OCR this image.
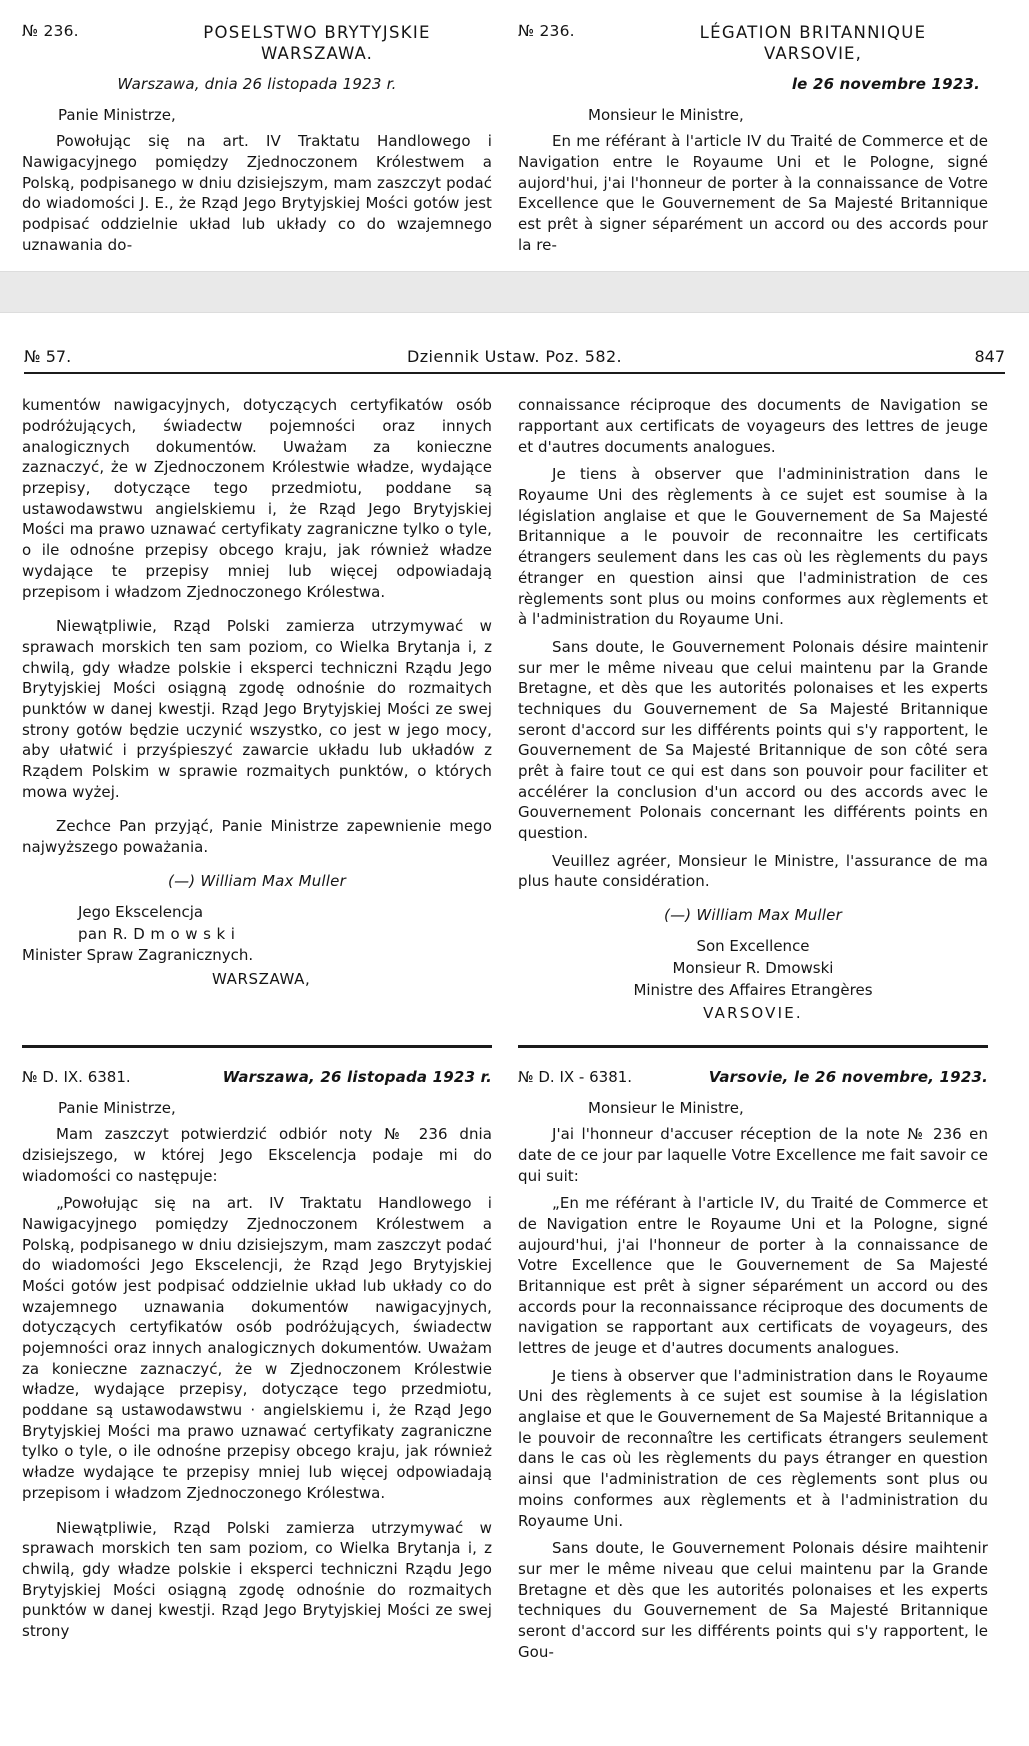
№ 236.	POSELSTWO BRYTYJSKIE
WARSZAWA.
Warszawa, dnia 26 listopada 1923 r.
Panie Ministrze,

Powołując się na art. IV Traktatu Handlowego i Nawigacyjnego pomiędzy Zjednoczonem Królestwem a Polską, podpisanego w dniu dzisiejszym, mam zaszczyt podać do wiadomości J. E., że Rząd Jego Brytyjskiej Mości gotów jest podpisać oddzielnie układ lub układy co do wzajemnego uznawania do-

№ 236.	LÉGATION BRITANNIQUE
VARSOVIE,
le 26 novembre 1923.
Monsieur le Ministre,

En me référant à l'article IV du Traité de Commerce et de Navigation entre le Royaume Uni et le Pologne, signé aujord'hui, j'ai l'honneur de porter à la connaissance de Votre Excellence que le Gouvernement de Sa Majesté Britannique est prêt à signer séparément un accord ou des accords pour la re-

№ 57.	Dziennik Ustaw. Poz. 582.	847

kumentów nawigacyjnych, dotyczących certyfikatów osób podróżujących, świadectw pojemności oraz innych analogicznych dokumentów. Uważam za konieczne zaznaczyć, że w Zjednoczonem Królestwie władze, wydające przepisy, dotyczące tego przedmiotu, poddane są ustawodawstwu angielskiemu i, że Rząd Jego Brytyjskiej Mości ma prawo uznawać certyfikaty zagraniczne tylko o tyle, o ile odnośne przepisy obcego kraju, jak również władze wydające te przepisy mniej lub więcej odpowiadają przepisom i władzom Zjednoczonego Królestwa.

Niewątpliwie, Rząd Polski zamierza utrzymywać w sprawach morskich ten sam poziom, co Wielka Brytanja i, z chwilą, gdy władze polskie i eksperci techniczni Rządu Jego Brytyjskiej Mości osiągną zgodę odnośnie do rozmaitych punktów w danej kwestji. Rząd Jego Brytyjskiej Mości ze swej strony gotów będzie uczynić wszystko, co jest w jego mocy, aby ułatwić i przyśpieszyć zawarcie układu lub układów z Rządem Polskim w sprawie rozmaitych punktów, o których mowa wyżej.

Zechce Pan przyjąć, Panie Ministrze zapewnienie mego najwyższego poważania.

(—) William Max Muller
Jego Ekscelencja
pan R. D m o w s k i
Minister Spraw Zagranicznych.
WARSZAWA,

connaissance réciproque des documents de Navigation se rapportant aux certificats de voyageurs des lettres de jeuge et d'autres documents analogues.

Je tiens à observer que l'admininistration dans le Royaume Uni des règlements à ce sujet est soumise à la législation anglaise et que le Gouvernement de Sa Majesté Britannique a le pouvoir de reconnaitre les certificats étrangers seulement dans les cas où les règlements du pays étranger en question ainsi que l'administration de ces règlements sont plus ou moins conformes aux règlements et à l'administration du Royaume Uni.

Sans doute, le Gouvernement Polonais désire maintenir sur mer le même niveau que celui maintenu par la Grande Bretagne, et dès que les autorités polonaises et les experts techniques du Gouvernement de Sa Majesté Britannique seront d'accord sur les différents points qui s'y rapportent, le Gouvernement de Sa Majesté Britannique de son côté sera prêt à faire tout ce qui est dans son pouvoir pour faciliter et accélérer la conclusion d'un accord ou des accords avec le Gouvernement Polonais concernant les différents points en question.

Veuillez agréer, Monsieur le Ministre, l'assurance de ma plus haute considération.

(—) William Max Muller
Son Excellence
Monsieur R. Dmowski
Ministre des Affaires Etrangères
VARSOVIE.
№ D. IX. 6381.	Warszawa, 26 listopada 1923 r.
Panie Ministrze,

Mam zaszczyt potwierdzić odbiór noty № 236 dnia dzisiejszego, w której Jego Ekscelencja podaje mi do wiadomości co następuje:

„Powołując się na art. IV Traktatu Handlowego i Nawigacyjnego pomiędzy Zjednoczonem Królestwem a Polską, podpisanego w dniu dzisiejszym, mam zaszczyt podać do wiadomości Jego Ekscelencji, że Rząd Jego Brytyjskiej Mości gotów jest podpisać oddzielnie układ lub układy co do wzajemnego uznawania dokumentów nawigacyjnych, dotyczących certyfikatów osób podróżujących, świadectw pojemności oraz innych analogicznych dokumentów. Uważam za konieczne zaznaczyć, że w Zjednoczonem Królestwie władze, wydające przepisy, dotyczące tego przedmiotu, poddane są ustawodawstwu · angielskiemu i, że Rząd Jego Brytyjskiej Mości ma prawo uznawać certyfikaty zagraniczne tylko o tyle, o ile odnośne przepisy obcego kraju, jak również władze wydające te przepisy mniej lub więcej odpowiadają przepisom i władzom Zjednoczonego Królestwa.

Niewątpliwie, Rząd Polski zamierza utrzymywać w sprawach morskich ten sam poziom, co Wielka Brytanja i, z chwilą, gdy władze polskie i eksperci techniczni Rządu Jego Brytyjskiej Mości osiągną zgodę odnośnie do rozmaitych punktów w danej kwestji. Rząd Jego Brytyjskiej Mości ze swej strony

№ D. IX - 6381.	Varsovie, le 26 novembre, 1923.
Monsieur le Ministre,

J'ai l'honneur d'accuser réception de la note № 236 en date de ce jour par laquelle Votre Excellence me fait savoir ce qui suit:

„En me référant à l'article IV, du Traité de Commerce et de Navigation entre le Royaume Uni et la Pologne, signé aujourd'hui, j'ai l'honneur de porter à la connaissance de Votre Excellence que le Gouvernement de Sa Majesté Britannique est prêt à signer séparément un accord ou des accords pour la reconnaissance réciproque des documents de navigation se rapportant aux certificats de voyageurs, des lettres de jeuge et d'autres documents analogues.

Je tiens à observer que l'administration dans le Royaume Uni des règlements à ce sujet est soumise à la législation anglaise et que le Gouvernement de Sa Majesté Britannique a le pouvoir de reconnaître les certificats étrangers seulement dans le cas où les règlements du pays étranger en question ainsi que l'administration de ces règlements sont plus ou moins conformes aux règlements et à l'administration du Royaume Uni.

Sans doute, le Gouvernement Polonais désire maihtenir sur mer le même niveau que celui maintenu par la Grande Bretagne et dès que les autorités polonaises et les experts techniques du Gouvernement de Sa Majesté Britannique seront d'accord sur les différents points qui s'y rapportent, le Gou-
